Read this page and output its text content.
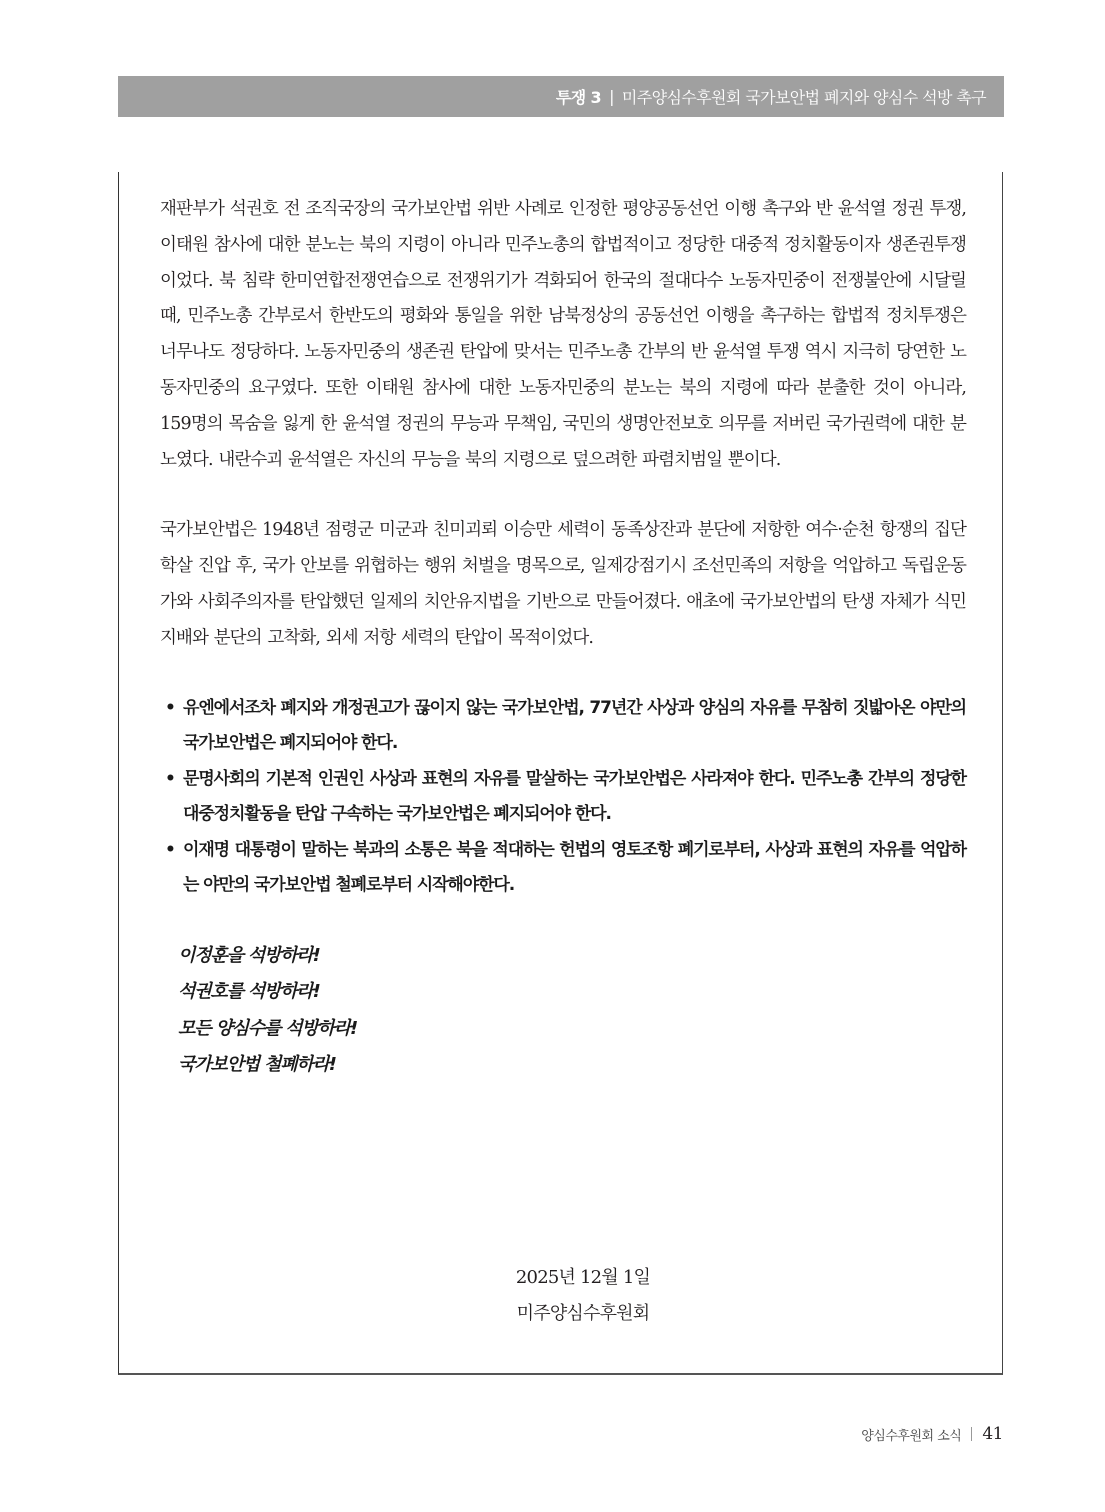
투쟁 3 | 미주양심수후원회 국가보안법 폐지와 양심수 석방 촉구

재판부가 석권호 전 조직국장의 국가보안법 위반 사례로 인정한 평양공동선언 이행 촉구와 반 윤석열 정권 투쟁, 이태원 참사에 대한 분노는 북의 지령이 아니라 민주노총의 합법적이고 정당한 대중적 정치활동이자 생존권투쟁이었다. 북 침략 한미연합전쟁연습으로 전쟁위기가 격화되어 한국의 절대다수 노동자민중이 전쟁불안에 시달릴 때, 민주노총 간부로서 한반도의 평화와 통일을 위한 남북정상의 공동선언 이행을 촉구하는 합법적 정치투쟁은 너무나도 정당하다. 노동자민중의 생존권 탄압에 맞서는 민주노총 간부의 반 윤석열 투쟁 역시 지극히 당연한 노동자민중의 요구였다. 또한 이태원 참사에 대한 노동자민중의 분노는 북의 지령에 따라 분출한 것이 아니라, 159명의 목숨을 잃게 한 윤석열 정권의 무능과 무책임, 국민의 생명안전보호 의무를 저버린 국가권력에 대한 분노였다. 내란수괴 윤석열은 자신의 무능을 북의 지령으로 덮으려한 파렴치범일 뿐이다.

국가보안법은 1948년 점령군 미군과 친미괴뢰 이승만 세력이 동족상잔과 분단에 저항한 여수·순천 항쟁의 집단학살 진압 후, 국가 안보를 위협하는 행위 처벌을 명목으로, 일제강점기시 조선민족의 저항을 억압하고 독립운동가와 사회주의자를 탄압했던 일제의 치안유지법을 기반으로 만들어졌다. 애초에 국가보안법의 탄생 자체가 식민지배와 분단의 고착화, 외세 저항 세력의 탄압이 목적이었다.

• 유엔에서조차 폐지와 개정권고가 끊이지 않는 국가보안법, 77년간 사상과 양심의 자유를 무참히 짓밟아온 야만의 국가보안법은 폐지되어야 한다.
• 문명사회의 기본적 인권인 사상과 표현의 자유를 말살하는 국가보안법은 사라져야 한다. 민주노총 간부의 정당한 대중정치활동을 탄압 구속하는 국가보안법은 폐지되어야 한다.
• 이재명 대통령이 말하는 북과의 소통은 북을 적대하는 헌법의 영토조항 폐기로부터, 사상과 표현의 자유를 억압하는 야만의 국가보안법 철폐로부터 시작해야한다.
이정훈을 석방하라!
석권호를 석방하라!
모든 양심수를 석방하라!
국가보안법 철폐하라!
2025년 12월 1일
미주양심수후원회
양심수후원회 소식 41
